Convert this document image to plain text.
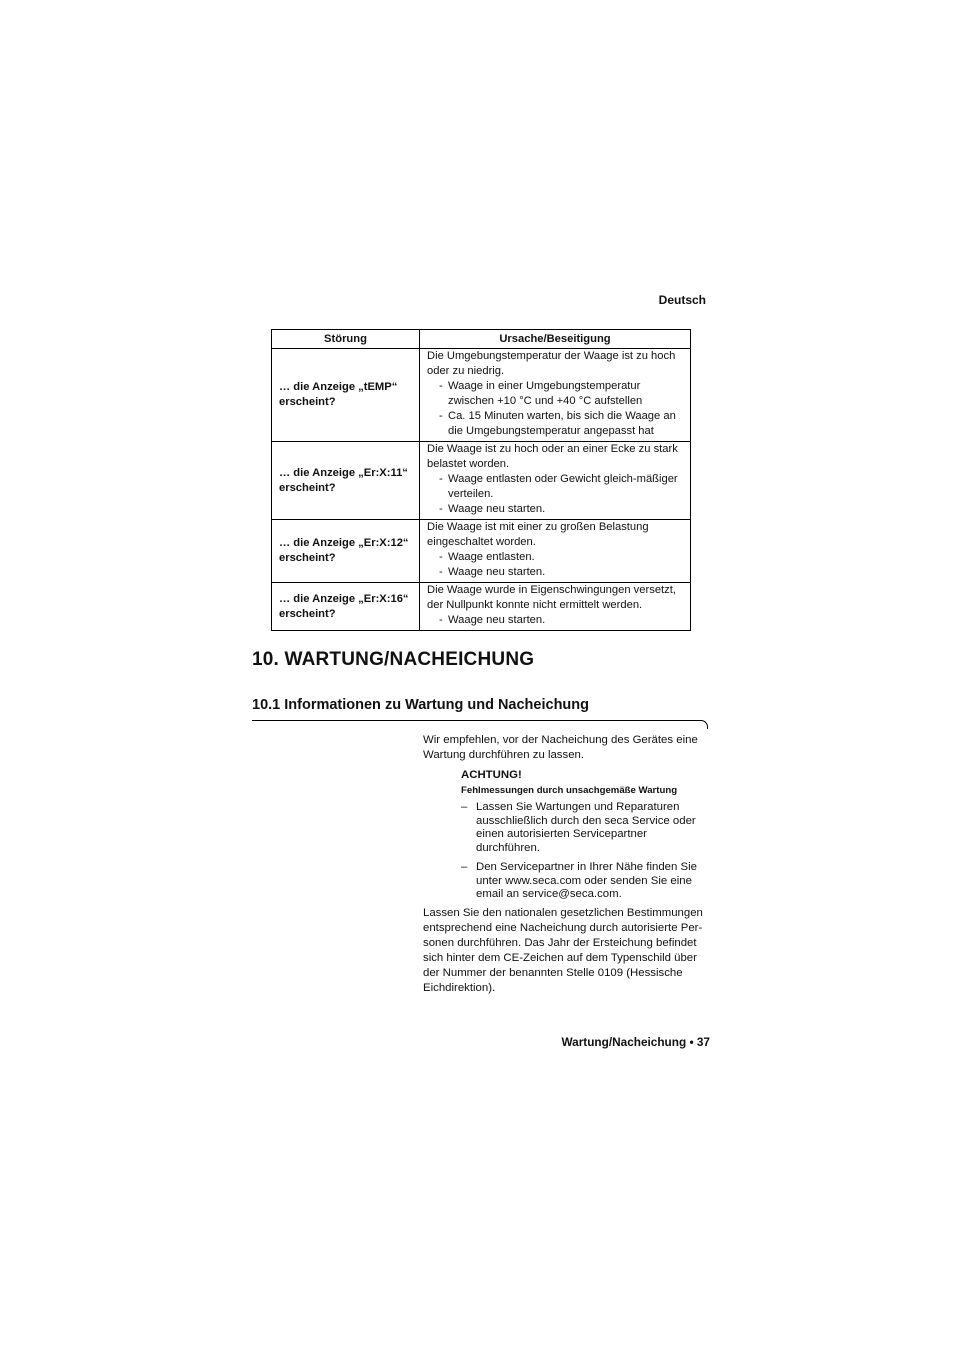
Deutsch
Störung	Ursache/Beseitigung
… die Anzeige „tEMP“ erscheint?	Die Umgebungstemperatur der Waage ist zu hoch oder zu niedrig.
- Waage in einer Umgebungstemperatur zwischen +10 °C und +40 °C aufstellen
- Ca. 15 Minuten warten, bis sich die Waage an die Umgebungstemperatur angepasst hat

… die Anzeige „Er:X:11“ erscheint?	Die Waage ist zu hoch oder an einer Ecke zu stark belastet worden.
- Waage entlasten oder Gewicht gleich-mäßiger verteilen.
- Waage neu starten.

… die Anzeige „Er:X:12“ erscheint?	Die Waage ist mit einer zu großen Belastung eingeschaltet worden.
- Waage entlasten.
- Waage neu starten.

… die Anzeige „Er:X:16“ erscheint?	Die Waage wurde in Eigenschwingungen versetzt, der Nullpunkt konnte nicht ermittelt werden.
- Waage neu starten.
10. WARTUNG/NACHEICHUNG
10.1 Informationen zu Wartung und Nacheichung
Wir empfehlen, vor der Nacheichung des Gerätes eine Wartung durchführen zu lassen.
ACHTUNG!
Fehlmessungen durch unsachgemäße Wartung
– Lassen Sie Wartungen und Reparaturen ausschließlich durch den seca Service oder einen autorisierten Servicepartner durchführen.
– Den Servicepartner in Ihrer Nähe finden Sie unter www.seca.com oder senden Sie eine email an service@seca.com.
Lassen Sie den nationalen gesetzlichen Bestimmungen entsprechend eine Nacheichung durch autorisierte Per-sonen durchführen. Das Jahr der Ersteichung befindet sich hinter dem CE-Zeichen auf dem Typenschild über der Nummer der benannten Stelle 0109 (Hessische Eichdirektion).
Wartung/Nacheichung • 37
